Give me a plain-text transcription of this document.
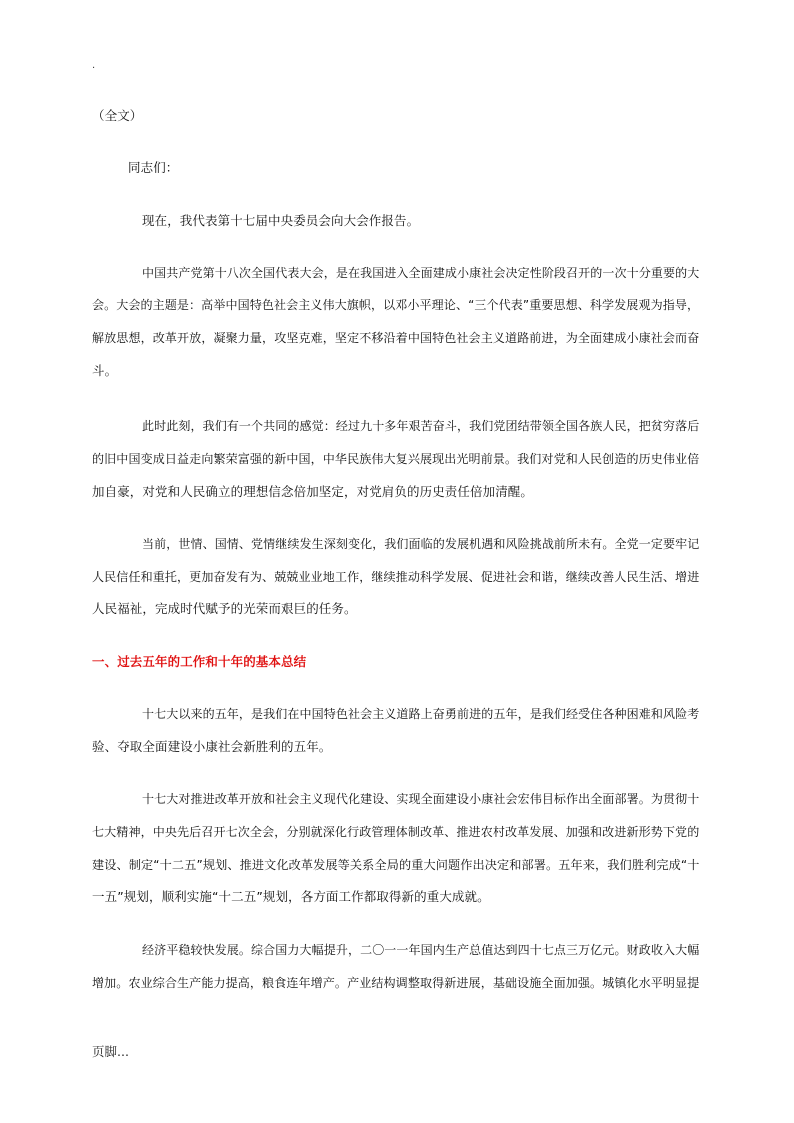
.
（全文）
同志们：
现在，我代表第十七届中央委员会向大会作报告。
中国共产党第十八次全国代表大会，是在我国进入全面建成小康社会决定性阶段召开的一次十分重要的大
会。大会的主题是：高举中国特色社会主义伟大旗帜，以邓小平理论、“三个代表”重要思想、科学发展观为指导，
解放思想，改革开放，凝聚力量，攻坚克难，坚定不移沿着中国特色社会主义道路前进，为全面建成小康社会而奋
斗。
此时此刻，我们有一个共同的感觉：经过九十多年艰苦奋斗，我们党团结带领全国各族人民，把贫穷落后
的旧中国变成日益走向繁荣富强的新中国，中华民族伟大复兴展现出光明前景。我们对党和人民创造的历史伟业倍
加自豪，对党和人民确立的理想信念倍加坚定，对党肩负的历史责任倍加清醒。
当前，世情、国情、党情继续发生深刻变化，我们面临的发展机遇和风险挑战前所未有。全党一定要牢记
人民信任和重托，更加奋发有为、兢兢业业地工作，继续推动科学发展、促进社会和谐，继续改善人民生活、增进
人民福祉，完成时代赋予的光荣而艰巨的任务。
一、过去五年的工作和十年的基本总结
十七大以来的五年，是我们在中国特色社会主义道路上奋勇前进的五年，是我们经受住各种困难和风险考
验、夺取全面建设小康社会新胜利的五年。
十七大对推进改革开放和社会主义现代化建设、实现全面建设小康社会宏伟目标作出全面部署。为贯彻十
七大精神，中央先后召开七次全会，分别就深化行政管理体制改革、推进农村改革发展、加强和改进新形势下党的
建设、制定“十二五”规划、推进文化改革发展等关系全局的重大问题作出决定和部署。五年来，我们胜利完成“十
一五”规划，顺利实施“十二五”规划，各方面工作都取得新的重大成就。
经济平稳较快发展。综合国力大幅提升，二〇一一年国内生产总值达到四十七点三万亿元。财政收入大幅
增加。农业综合生产能力提高，粮食连年增产。产业结构调整取得新进展，基础设施全面加强。城镇化水平明显提
页脚...
